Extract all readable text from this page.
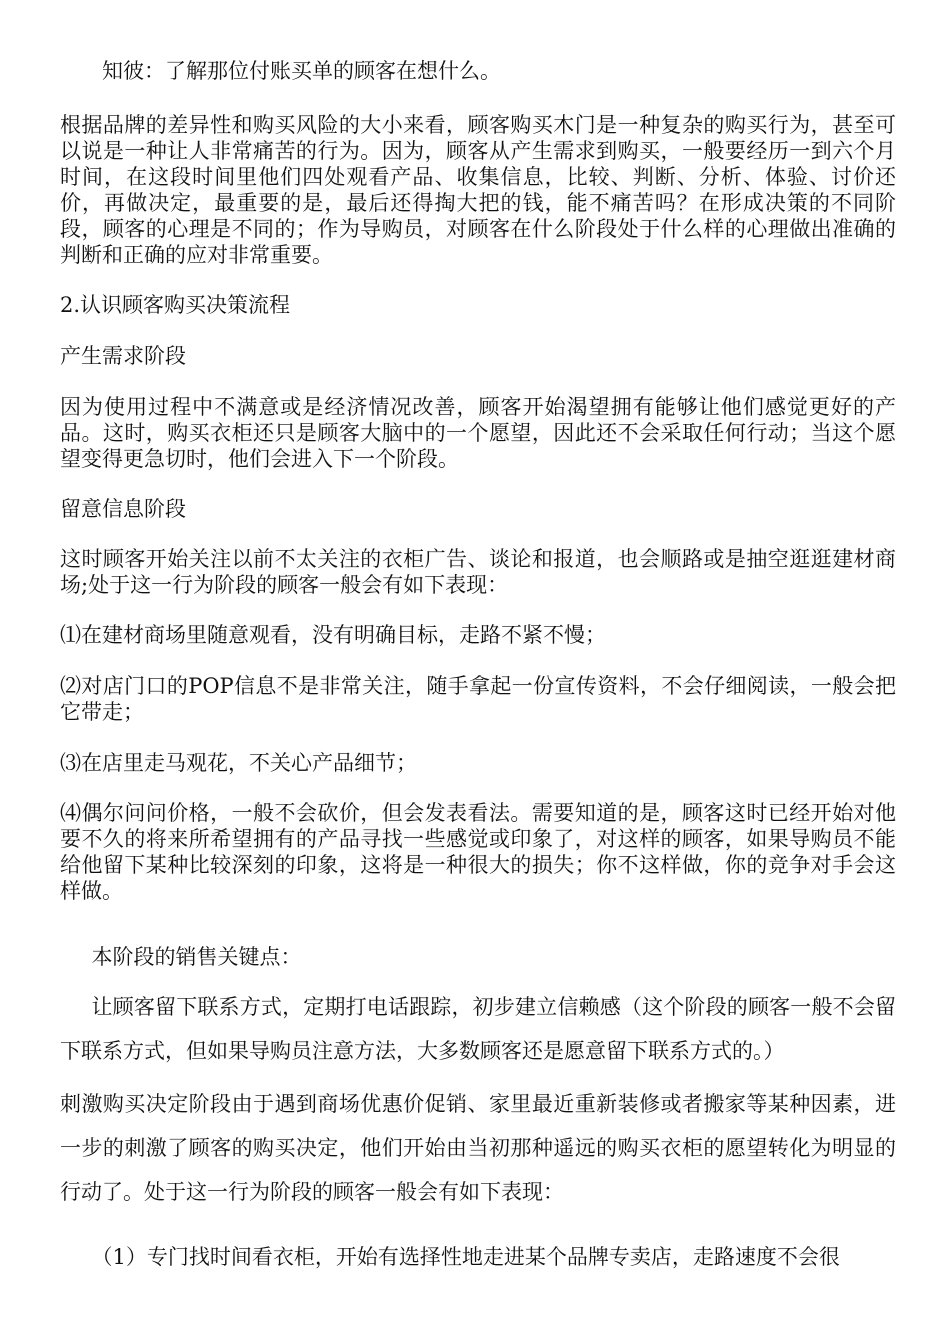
知彼：了解那位付账买单的顾客在想什么。

根据品牌的差异性和购买风险的大小来看，顾客购买木门是一种复杂的购买行为，甚至可以说是一种让人非常痛苦的行为。因为，顾客从产生需求到购买，一般要经历一到六个月时间，在这段时间里他们四处观看产品、收集信息，比较、判断、分析、体验、讨价还价，再做决定，最重要的是，最后还得掏大把的钱，能不痛苦吗？在形成决策的不同阶段，顾客的心理是不同的；作为导购员，对顾客在什么阶段处于什么样的心理做出准确的判断和正确的应对非常重要。

2.认识顾客购买决策流程

产生需求阶段

因为使用过程中不满意或是经济情况改善，顾客开始渴望拥有能够让他们感觉更好的产品。这时，购买衣柜还只是顾客大脑中的一个愿望，因此还不会采取任何行动；当这个愿望变得更急切时，他们会进入下一个阶段。

留意信息阶段

这时顾客开始关注以前不太关注的衣柜广告、谈论和报道，也会顺路或是抽空逛逛建材商场;处于这一行为阶段的顾客一般会有如下表现：

⑴在建材商场里随意观看，没有明确目标，走路不紧不慢；

⑵对店门口的POP信息不是非常关注，随手拿起一份宣传资料，不会仔细阅读，一般会把它带走；

⑶在店里走马观花，不关心产品细节；

⑷偶尔问问价格，一般不会砍价，但会发表看法。需要知道的是，顾客这时已经开始对他要不久的将来所希望拥有的产品寻找一些感觉或印象了，对这样的顾客，如果导购员不能给他留下某种比较深刻的印象，这将是一种很大的损失；你不这样做，你的竞争对手会这样做。

本阶段的销售关键点：

让顾客留下联系方式，定期打电话跟踪，初步建立信赖感（这个阶段的顾客一般不会留下联系方式，但如果导购员注意方法，大多数顾客还是愿意留下联系方式的。）

刺激购买决定阶段由于遇到商场优惠价促销、家里最近重新装修或者搬家等某种因素，进一步的刺激了顾客的购买决定，他们开始由当初那种遥远的购买衣柜的愿望转化为明显的行动了。处于这一行为阶段的顾客一般会有如下表现：

（1）专门找时间看衣柜，开始有选择性地走进某个品牌专卖店，走路速度不会很
